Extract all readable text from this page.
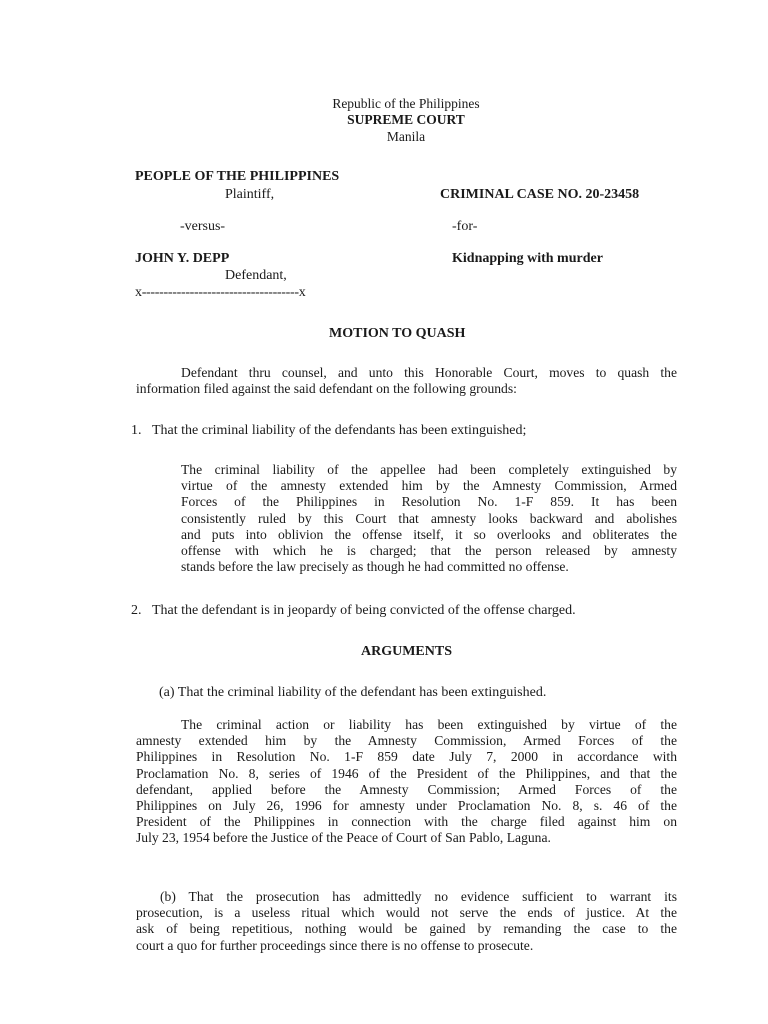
Republic of the Philippines
SUPREME COURT
Manila
PEOPLE OF THE PHILIPPINES
Plaintiff,	CRIMINAL CASE NO. 20-23458
-versus-	-for-
JOHN Y. DEPP	Kidnapping with murder
Defendant,
x------------------------------------x
MOTION TO QUASH
Defendant thru counsel, and unto this Honorable Court, moves to quash the
information filed against the said defendant on the following grounds:
1. That the criminal liability of the defendants has been extinguished;
The criminal liability of the appellee had been completely extinguished by
virtue of the amnesty extended him by the Amnesty Commission, Armed
Forces of the Philippines in Resolution No. 1-F 859. It has been
consistently ruled by this Court that amnesty looks backward and abolishes
and puts into oblivion the offense itself, it so overlooks and obliterates the
offense with which he is charged; that the person released by amnesty
stands before the law precisely as though he had committed no offense.
2. That the defendant is in jeopardy of being convicted of the offense charged.
ARGUMENTS
(a) That the criminal liability of the defendant has been extinguished.
The criminal action or liability has been extinguished by virtue of the
amnesty extended him by the Amnesty Commission, Armed Forces of the
Philippines in Resolution No. 1-F 859 date July 7, 2000 in accordance with
Proclamation No. 8, series of 1946 of the President of the Philippines, and that the
defendant, applied before the Amnesty Commission; Armed Forces of the
Philippines on July 26, 1996 for amnesty under Proclamation No. 8, s. 46 of the
President of the Philippines in connection with the charge filed against him on
July 23, 1954 before the Justice of the Peace of Court of San Pablo, Laguna.
(b) That the prosecution has admittedly no evidence sufficient to warrant its
prosecution, is a useless ritual which would not serve the ends of justice. At the
ask of being repetitious, nothing would be gained by remanding the case to the
court a quo for further proceedings since there is no offense to prosecute.
